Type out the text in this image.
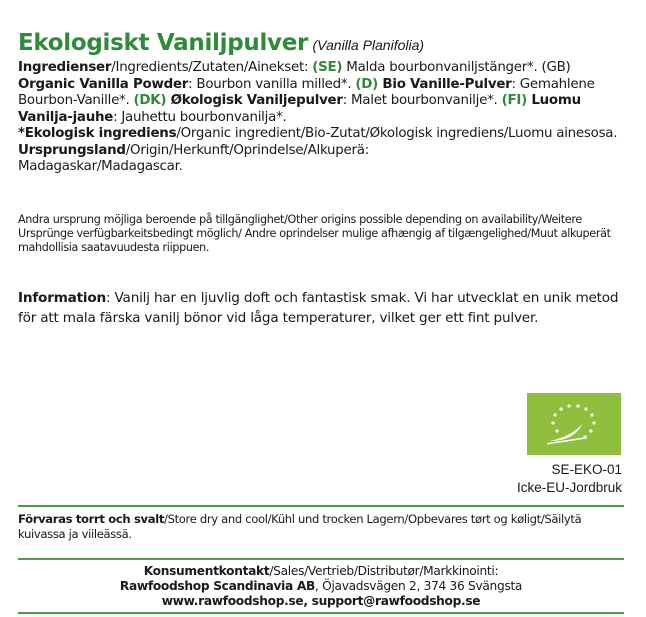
Ekologiskt Vaniljpulver (Vanilla Planifolia)
Ingredienser/Ingredients/Zutaten/Ainekset: (SE) Malda bourbonvaniljstänger*. (GB) Organic Vanilla Powder: Bourbon vanilla milled*. (D) Bio Vanille-Pulver: Gemahlene Bourbon-Vanille*. (DK) Økologisk Vaniljepulver: Malet bourbonvanilje*. (FI) Luomu Vanilja-jauhe: Jauhettu bourbonvanilja*.
*Ekologisk ingrediens/Organic ingredient/Bio-Zutat/Økologisk ingrediens/Luomu ainesosa.
Ursprungsland/Origin/Herkunft/Oprindelse/Alkuperä:
Madagaskar/Madagascar.
Andra ursprung möjliga beroende på tillgänglighet/Other origins possible depending on availability/Weitere Ursprünge verfügbarkeitsbedingt möglich/ Andre oprindelser mulige afhængig af tilgængelighed/Muut alkuperät mahdollisia saatavuudesta riippuen.
Information: Vanilj har en ljuvlig doft och fantastisk smak. Vi har utvecklat en unik metod för att mala färska vanilj bönor vid låga temperaturer, vilket ger ett fint pulver.
SE-EKO-01
Icke-EU-Jordbruk
Förvaras torrt och svalt/Store dry and cool/Kühl und trocken Lagern/Opbevares tørt og køligt/Säilytä kuivassa ja viileässä.
Konsumentkontakt/Sales/Vertrieb/Distributør/Markkinointi:
Rawfoodshop Scandinavia AB, Öjavadsvägen 2, 374 36 Svängsta
www.rawfoodshop.se, support@rawfoodshop.se
